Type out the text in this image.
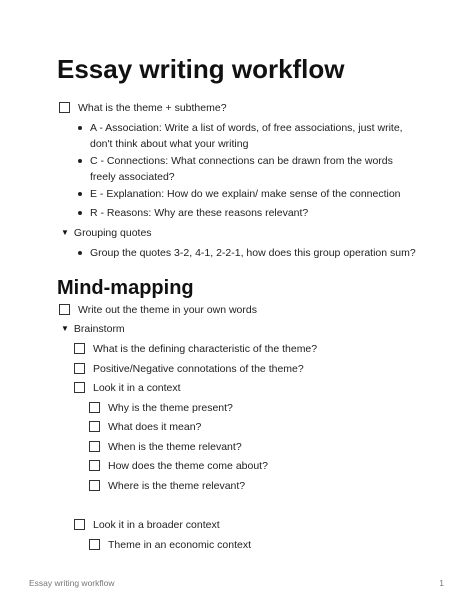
Essay writing workflow
What is the theme + subtheme?
A - Association: Write a list of words, of free associations, just write, don't think about what your writing
C - Connections: What connections can be drawn from the words freely associated?
E - Explanation: How do we explain/ make sense of the connection
R - Reasons: Why are these reasons relevant?
▼ Grouping quotes
Group the quotes 3-2, 4-1, 2-2-1, how does this group operation sum?
Mind-mapping
Write out the theme in your own words
▼ Brainstorm
What is the defining characteristic of the theme?
Positive/Negative connotations of the theme?
Look it in a context
Why is the theme present?
What does it mean?
When is the theme relevant?
How does the theme come about?
Where is the theme relevant?
Look it in a broader context
Theme in an economic context
Essay writing workflow	1
